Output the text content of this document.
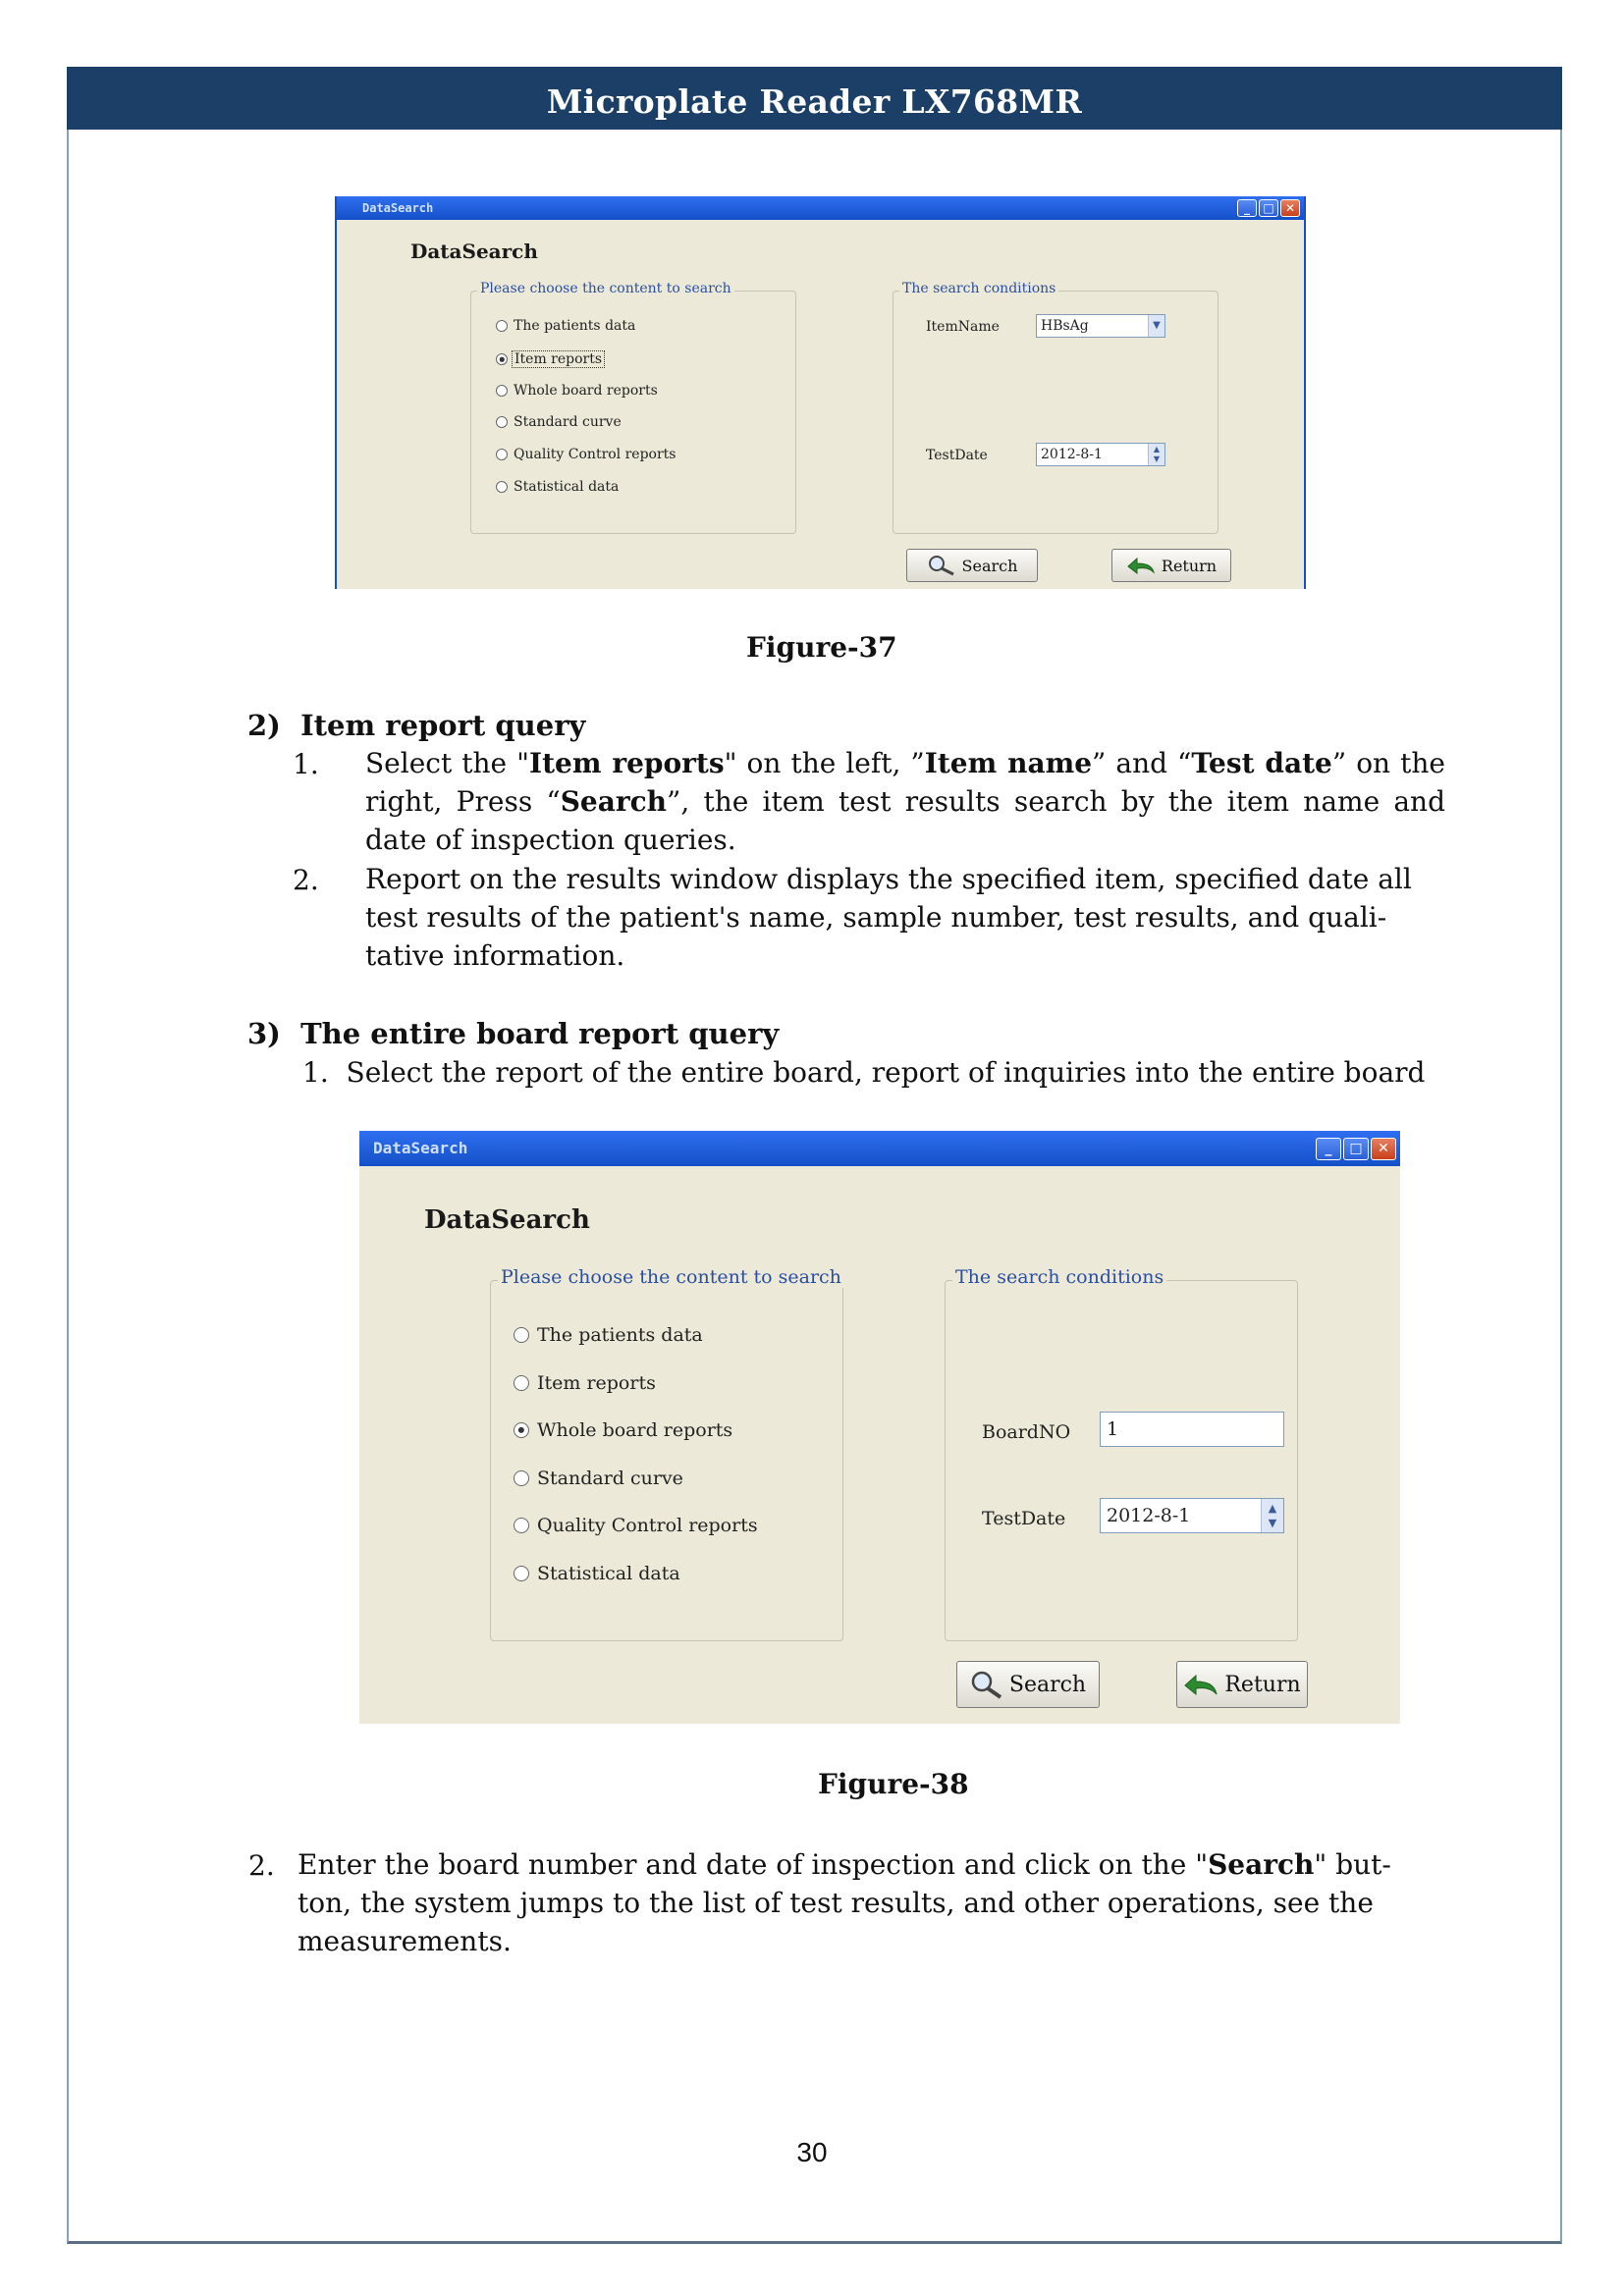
Microplate Reader LX768MR
DataSearch	_	□ ✕
DataSearch
Please choose the content to search
The patients data
Item reports
Whole board reports
Standard curve
Quality Control reports
Statistical data
The search conditions
ItemName	HBsAg	▼
TestDate	2012-8-1	▲
▼
Search	Return
Figure-37
2)  Item report query
1. Select the "Item reports" on the left, ”Item name” and “Test date” on the right, Press “Search”, the item test results search by the item name and date of inspection queries.
2. Report on the results window displays the specified item, specified date all test results of the patient's name, sample number, test results, and quali-tative information.
3)  The entire board report query
1.  Select the report of the entire board, report of inquiries into the entire board
DataSearch	_	□	✕
DataSearch
Please choose the content to search
The patients data
Item reports
Whole board reports
Standard curve
Quality Control reports
Statistical data
The search conditions
BoardNO	1
TestDate	2012-8-1	▲
▼
Search	Return
Figure-38
2. Enter the board number and date of inspection and click on the "Search" but-ton, the system jumps to the list of test results, and other operations, see the measurements.
30
